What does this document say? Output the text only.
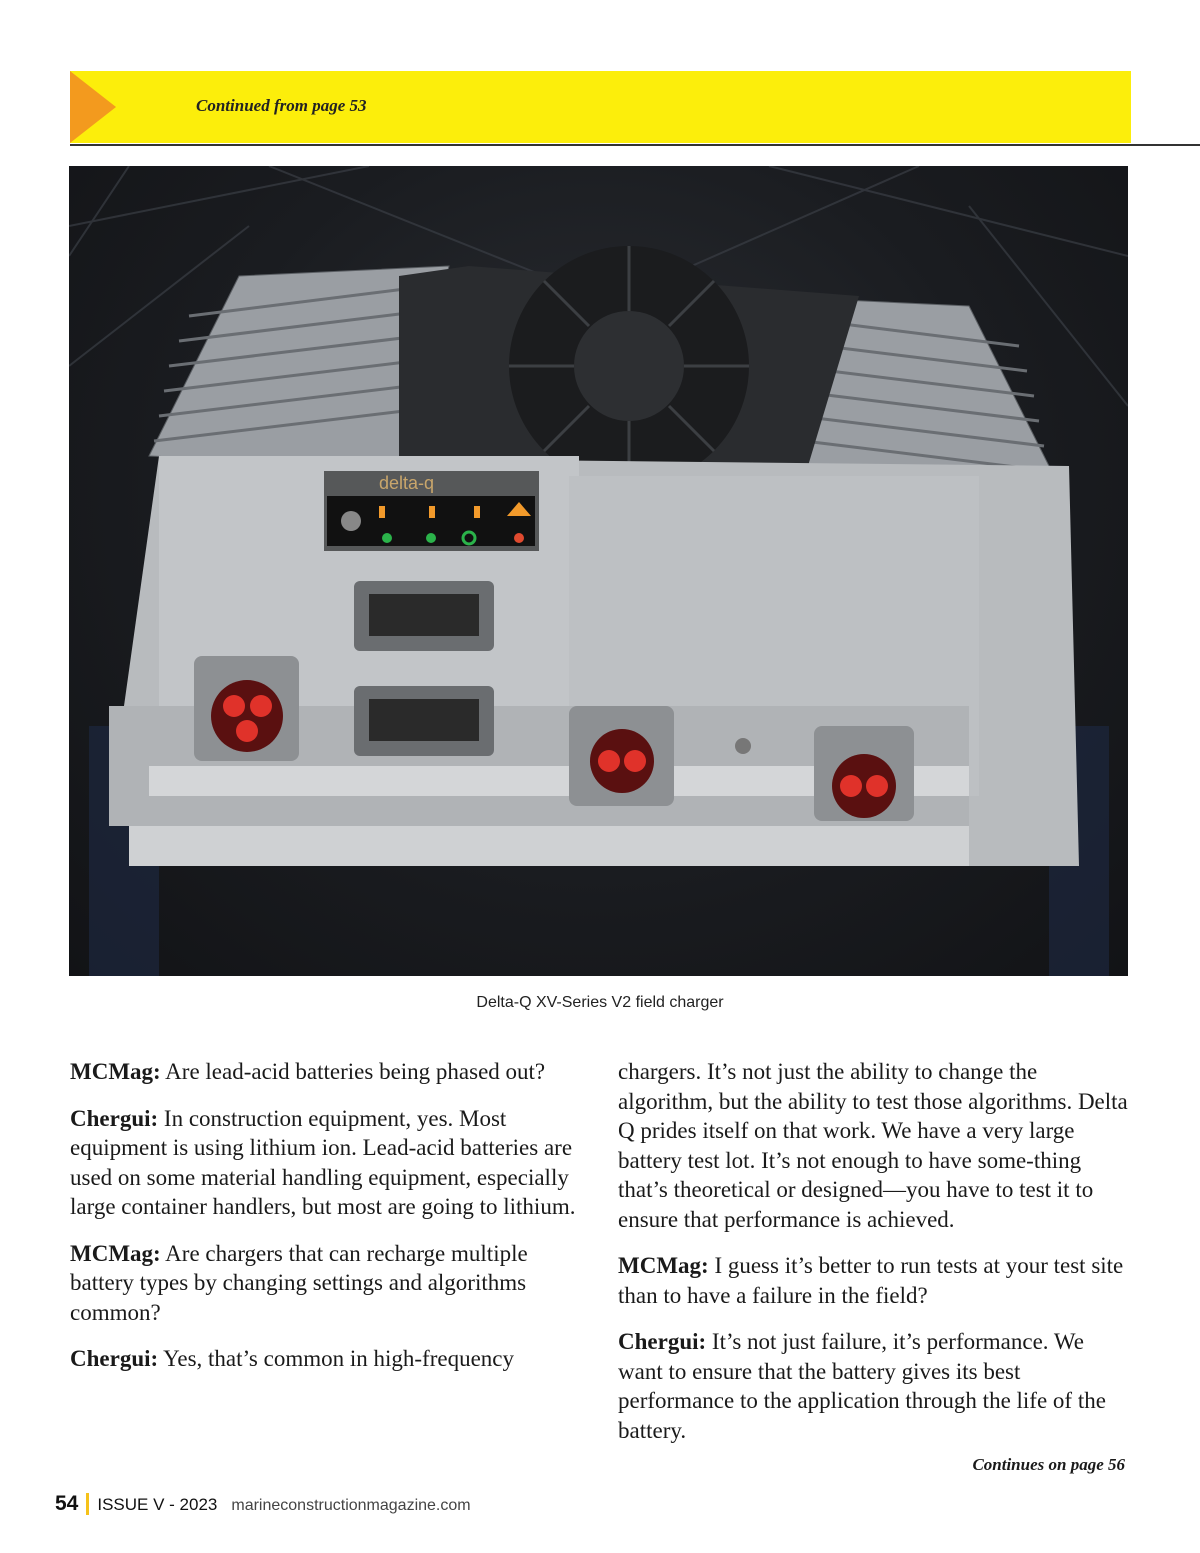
Continued from page 53
delta-q
Delta-Q XV-Series V2 field charger

MCMag: Are lead-acid batteries being phased out?

Chergui: In construction equipment, yes. Most equipment is using lithium ion. Lead-acid batteries are used on some material handling equipment, especially large container handlers, but most are going to lithium.

MCMag: Are chargers that can recharge multiple battery types by changing settings and algorithms common?

Chergui: Yes, that’s common in high-frequency

chargers. It’s not just the ability to change the algorithm, but the ability to test those algorithms. Delta Q prides itself on that work. We have a very large battery test lot. It’s not enough to have some-thing that’s theoretical or designed—you have to test it to ensure that performance is achieved.

MCMag: I guess it’s better to run tests at your test site than to have a failure in the field?

Chergui: It’s not just failure, it’s performance. We want to ensure that the battery gives its best performance to the application through the life of the battery.

Continues on page 56
54 ISSUE V - 2023 marineconstructionmagazine.com
